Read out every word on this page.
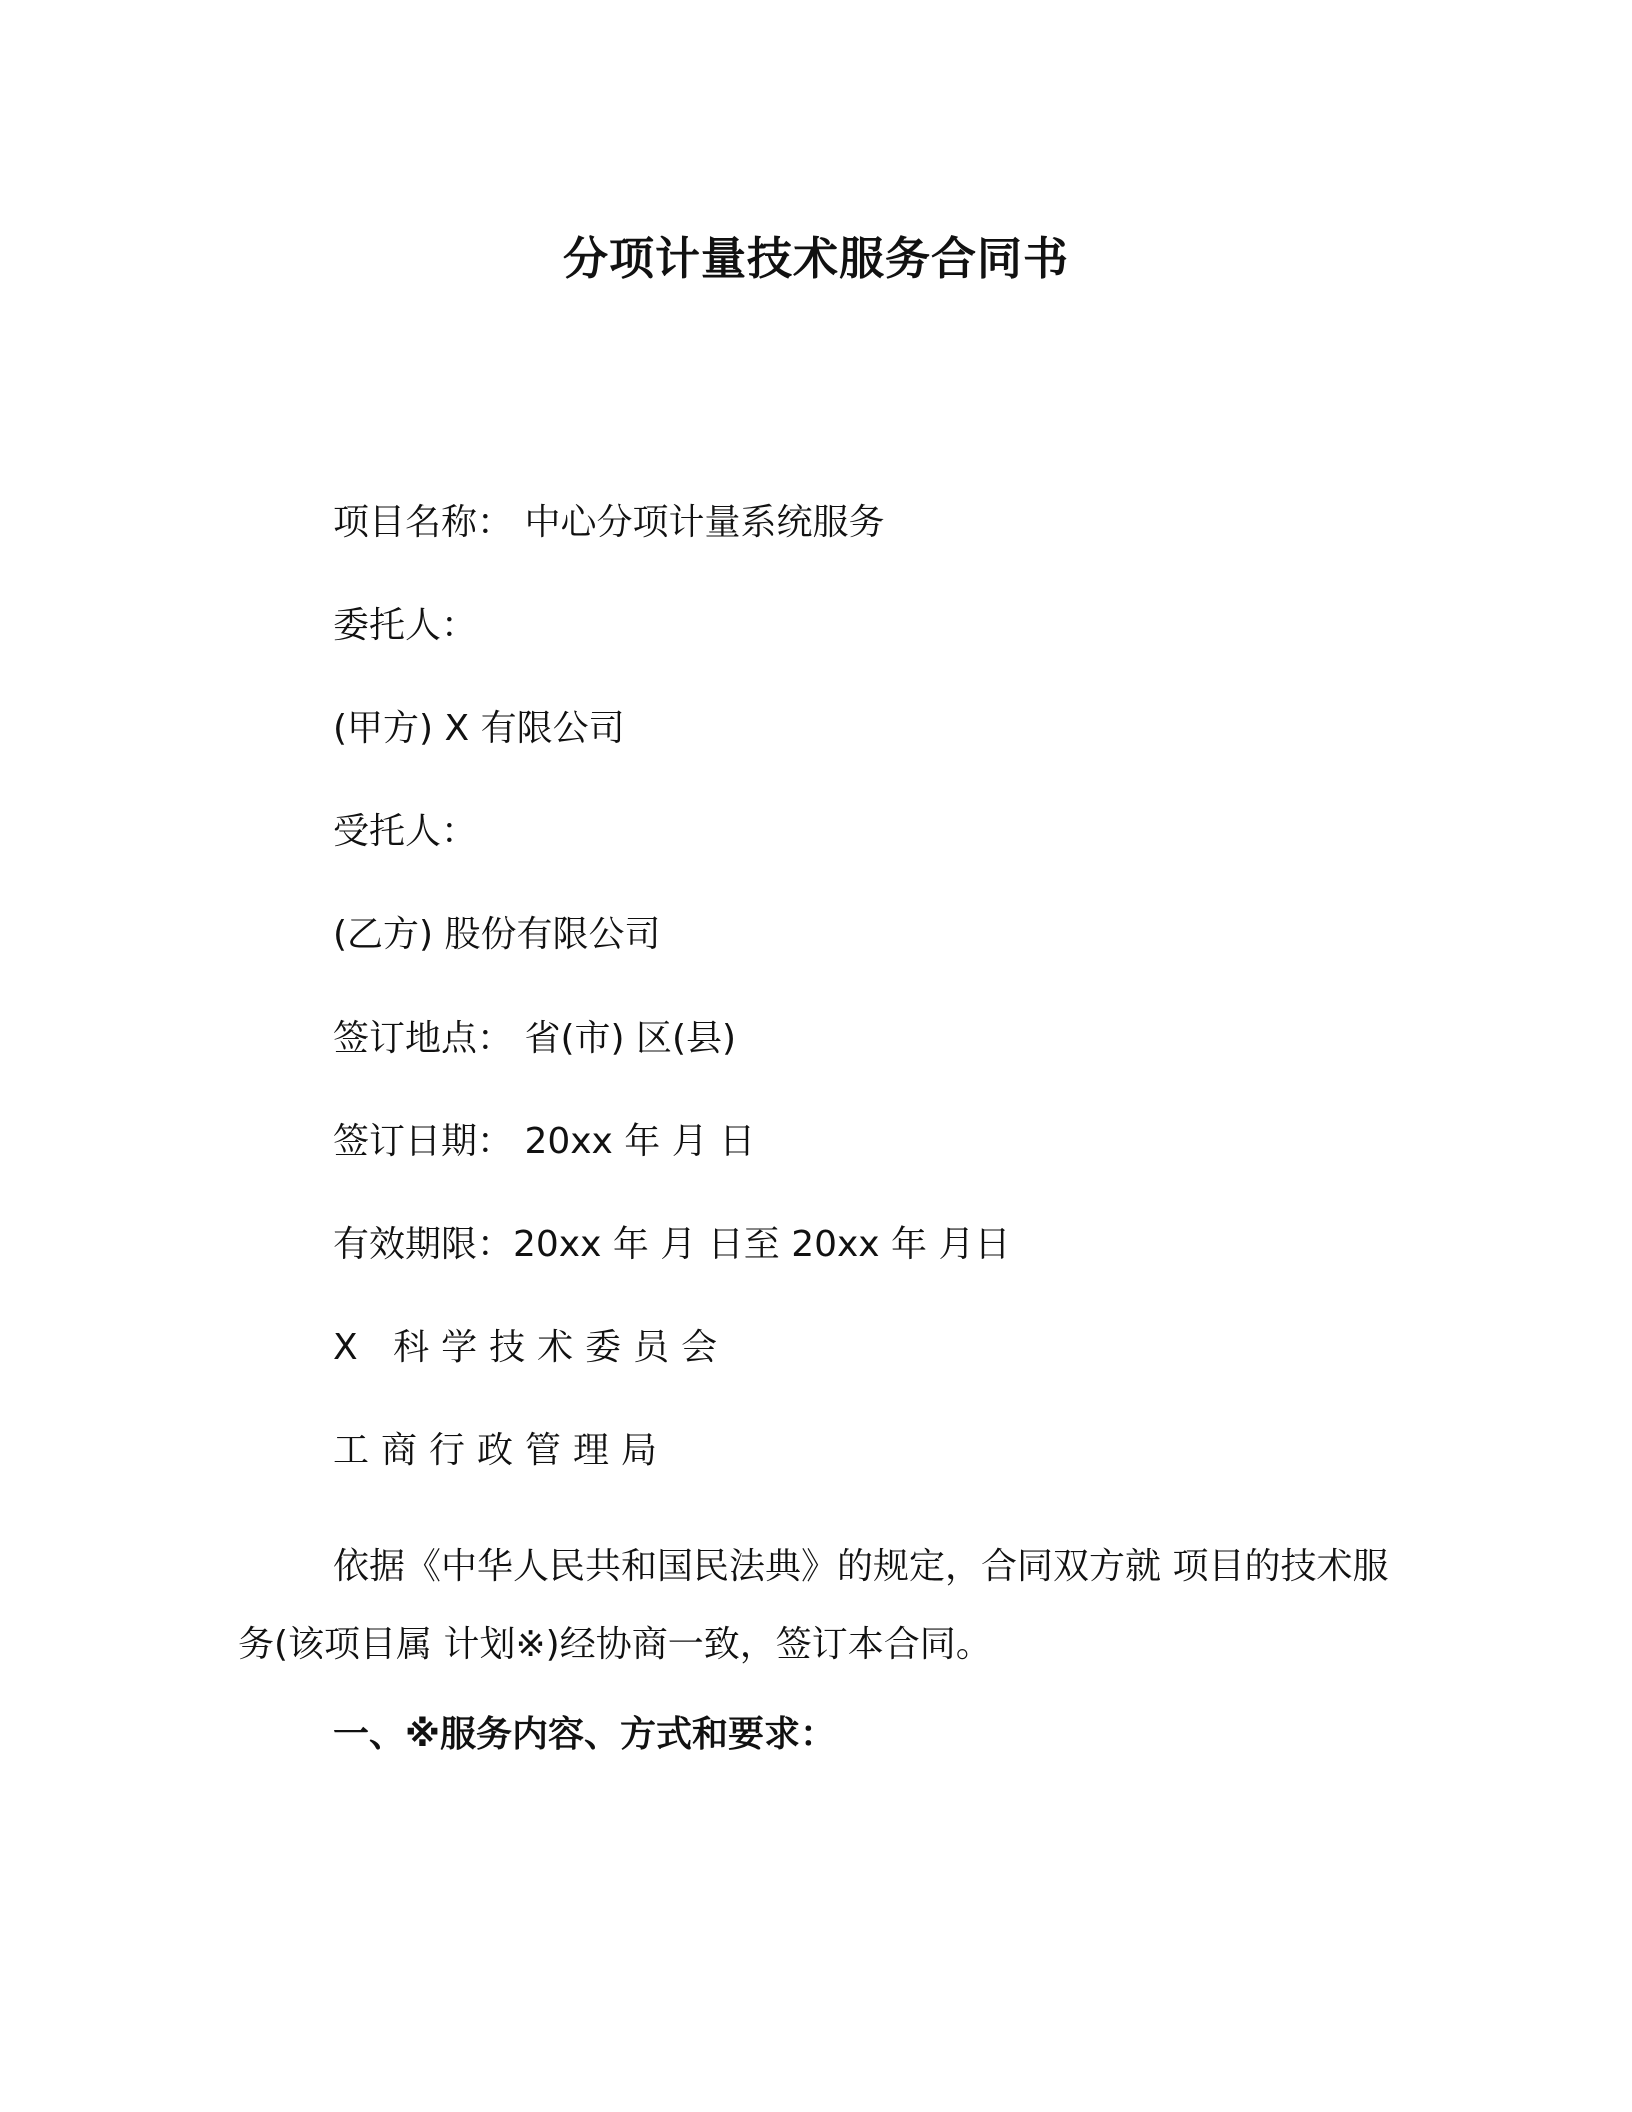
分项计量技术服务合同书
项目名称： 中心分项计量系统服务
委托人：
(甲方) X 有限公司
受托人：
(乙方) 股份有限公司
签订地点： 省(市) 区(县)
签订日期： 20xx 年 月 日
有效期限：20xx 年 月 日至 20xx 年 月日
X 科学技术委员会
工商行政管理局
依据《中华人民共和国民法典》的规定，合同双方就 项目的技术服务(该项目属 计划※)经协商一致，签订本合同。
一、※服务内容、方式和要求：
